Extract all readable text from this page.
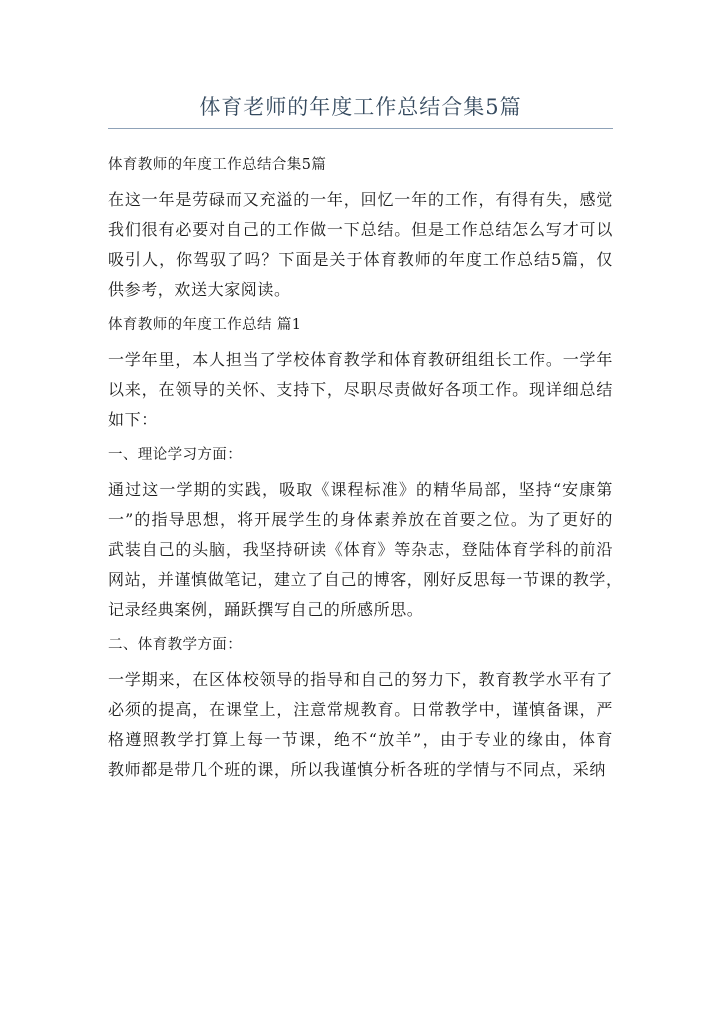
体育老师的年度工作总结合集5篇
体育教师的年度工作总结合集5篇
在这一年是劳碌而又充溢的一年，回忆一年的工作，有得有失，感觉
我们很有必要对自己的工作做一下总结。但是工作总结怎么写才可以
吸引人，你驾驭了吗？下面是关于体育教师的年度工作总结5篇，仅
供参考，欢送大家阅读。
体育教师的年度工作总结 篇1
一学年里，本人担当了学校体育教学和体育教研组组长工作。一学年
以来，在领导的关怀、支持下，尽职尽责做好各项工作。现详细总结
如下：
一、理论学习方面：
通过这一学期的实践，吸取《课程标准》的精华局部，坚持“安康第
一”的指导思想，将开展学生的身体素养放在首要之位。为了更好的
武装自己的头脑，我坚持研读《体育》等杂志，登陆体育学科的前沿
网站，并谨慎做笔记，建立了自己的博客，刚好反思每一节课的教学，
记录经典案例，踊跃撰写自己的所感所思。
二、体育教学方面：
一学期来，在区体校领导的指导和自己的努力下，教育教学水平有了
必须的提高，在课堂上，注意常规教育。日常教学中，谨慎备课，严
格遵照教学打算上每一节课，绝不“放羊”，由于专业的缘由，体育
教师都是带几个班的课，所以我谨慎分析各班的学情与不同点，采纳
